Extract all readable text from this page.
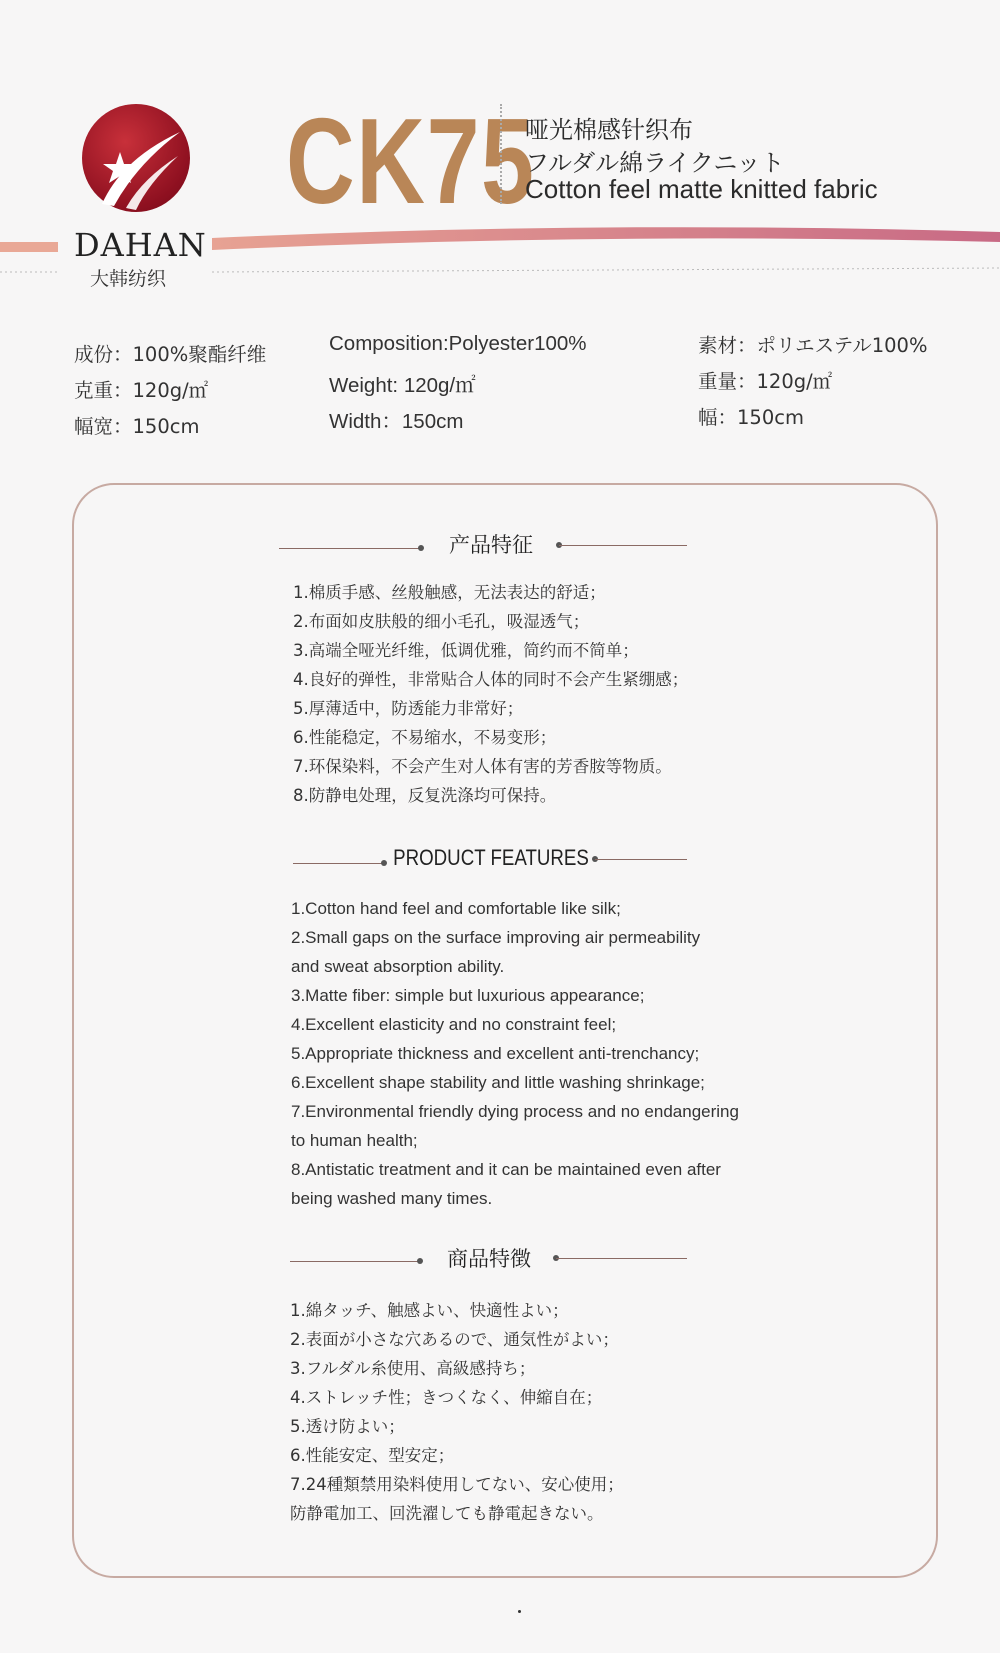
DAHAN
大韩纺织
CK75
哑光棉感针织布
フルダル綿ライクニット
Cotton feel matte knitted fabric
成份：100%聚酯纤维
克重：120g/㎡
幅宽：150cm
Composition:Polyester100%
Weight: 120g/㎡
Width：150cm
素材：ポリエステル100%
重量：120g/㎡
幅：150cm
产品特征
1.棉质手感、丝般触感，无法表达的舒适；
2.布面如皮肤般的细小毛孔，吸湿透气；
3.高端全哑光纤维，低调优雅，简约而不简单；
4.良好的弹性，非常贴合人体的同时不会产生紧绷感；
5.厚薄适中，防透能力非常好；
6.性能稳定，不易缩水，不易变形；
7.环保染料，不会产生对人体有害的芳香胺等物质。
8.防静电处理，反复洗涤均可保持。
PRODUCT FEATURES
1.Cotton hand feel and comfortable like silk;
2.Small gaps on the surface improving air permeability
and sweat absorption ability.
3.Matte fiber: simple but luxurious appearance;
4.Excellent elasticity and no constraint feel;
5.Appropriate thickness and excellent anti-trenchancy;
6.Excellent shape stability and little washing shrinkage;
7.Environmental friendly dying process and no endangering
to human health;
8.Antistatic treatment and it can be maintained even after
being washed many times.
商品特徴
1.綿タッチ、触感よい、快適性よい；
2.表面が小さな穴あるので、通気性がよい；
3.フルダル糸使用、高級感持ち；
4.ストレッチ性；きつくなく、伸縮自在；
5.透け防よい；
6.性能安定、型安定；
7.24種類禁用染料使用してない、安心使用；
防静電加工、回洗濯しても静電起きない。
